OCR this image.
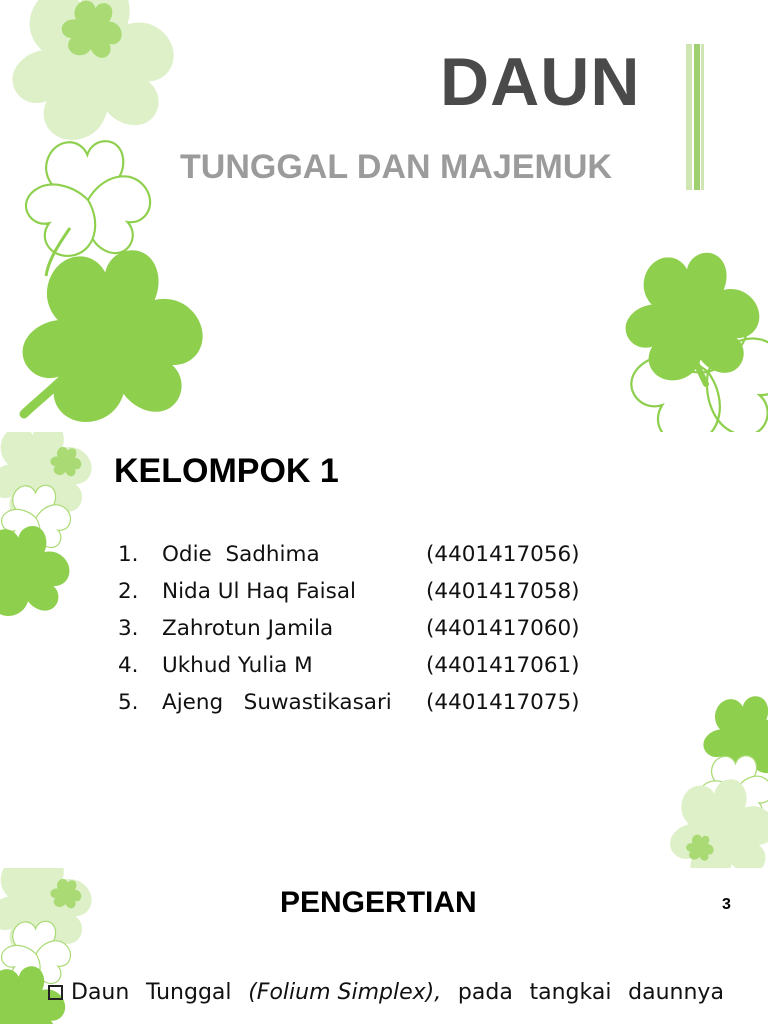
DAUN
TUNGGAL DAN MAJEMUK
KELOMPOK 1
1.	Odie  Sadhima	(4401417056)
2.	Nida Ul Haq Faisal	(4401417058)
3.	Zahrotun Jamila	(4401417060)
4.	Ukhud Yulia M	(4401417061)
5.	Ajeng   Suwastikasari (4401417075)
PENGERTIAN	3
Daun Tunggal (Folium Simplex), pada tangkai daunnya
